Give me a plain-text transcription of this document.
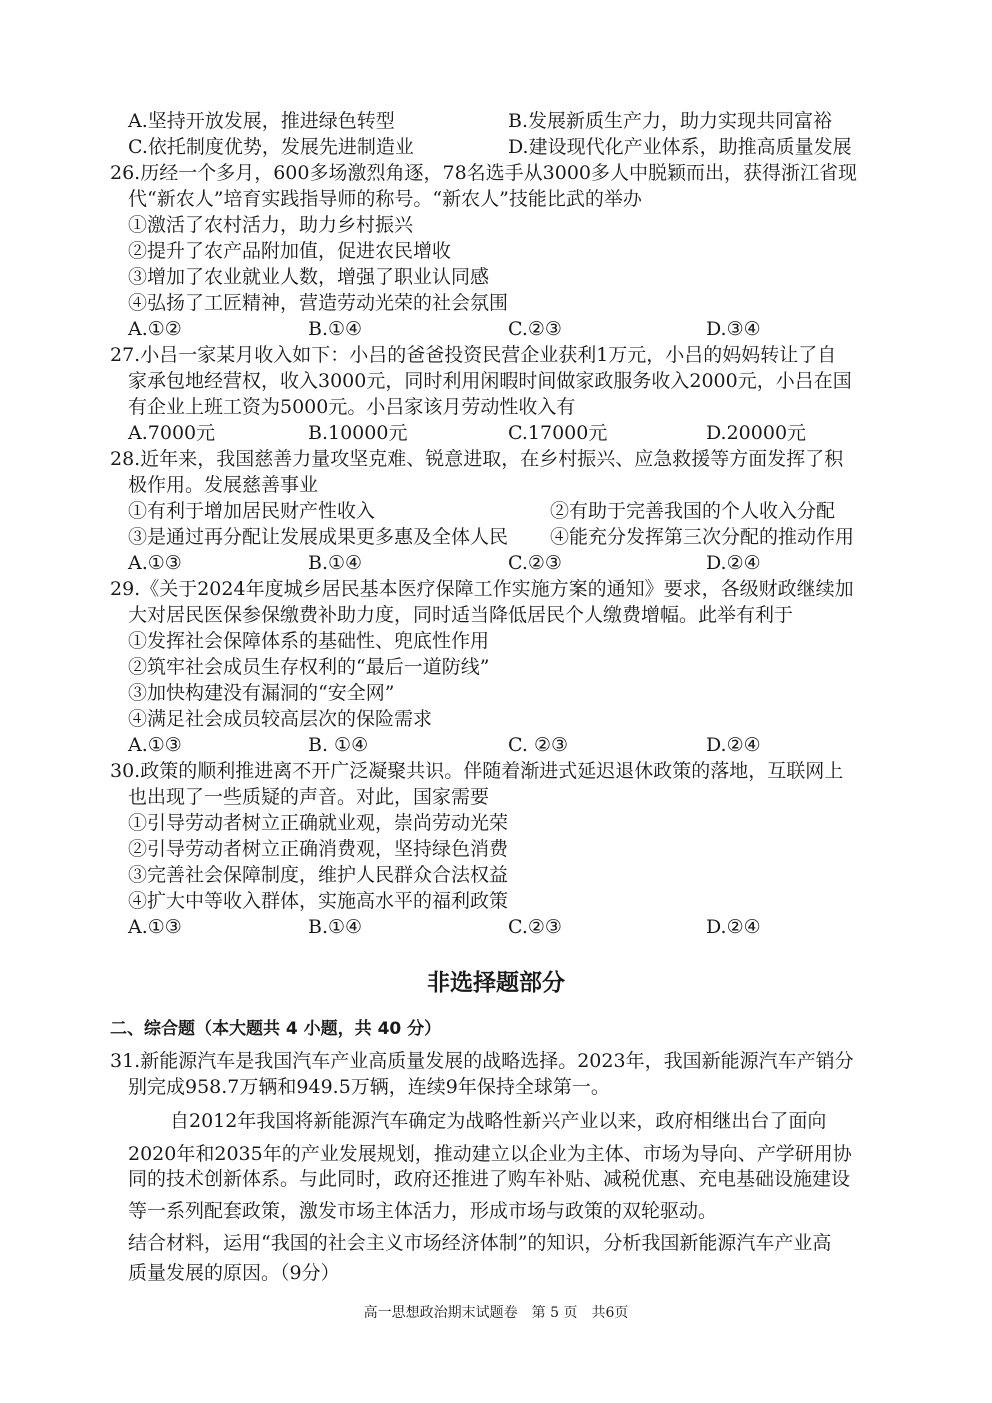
A.坚持开放发展，推进绿色转型	B.发展新质生产力，助力实现共同富裕
C.依托制度优势，发展先进制造业	D.建设现代化产业体系，助推高质量发展
26.历经一个多月，600多场激烈角逐，78名选手从3000多人中脱颖而出，获得浙江省现
代“新农人”培育实践指导师的称号。“新农人”技能比武的举办
①激活了农村活力，助力乡村振兴
②提升了农产品附加值，促进农民增收
③增加了农业就业人数，增强了职业认同感
④弘扬了工匠精神，营造劳动光荣的社会氛围
A.①②	B.①④	C.②③	D.③④
27.小吕一家某月收入如下：小吕的爸爸投资民营企业获利1万元，小吕的妈妈转让了自
家承包地经营权，收入3000元，同时利用闲暇时间做家政服务收入2000元，小吕在国
有企业上班工资为5000元。小吕家该月劳动性收入有
A.7000元	B.10000元	C.17000元	D.20000元
28.近年来，我国慈善力量攻坚克难、锐意进取，在乡村振兴、应急救援等方面发挥了积
极作用。发展慈善事业
①有利于增加居民财产性收入	②有助于完善我国的个人收入分配
③是通过再分配让发展成果更多惠及全体人民 ④能充分发挥第三次分配的推动作用
A.①③	B.①④	C.②③	D.②④
29.《关于2024年度城乡居民基本医疗保障工作实施方案的通知》要求，各级财政继续加
大对居民医保参保缴费补助力度，同时适当降低居民个人缴费增幅。此举有利于
①发挥社会保障体系的基础性、兜底性作用
②筑牢社会成员生存权利的“最后一道防线”
③加快构建没有漏洞的“安全网”
④满足社会成员较高层次的保险需求
A.①③	B. ①④	C. ②③	D.②④
30.政策的顺利推进离不开广泛凝聚共识。伴随着渐进式延迟退休政策的落地，互联网上
也出现了一些质疑的声音。对此，国家需要
①引导劳动者树立正确就业观，崇尚劳动光荣
②引导劳动者树立正确消费观，坚持绿色消费
③完善社会保障制度，维护人民群众合法权益
④扩大中等收入群体，实施高水平的福利政策
A.①③	B.①④	C.②③	D.②④
非选择题部分
二、综合题（本大题共 4 小题，共 40 分）
31.新能源汽车是我国汽车产业高质量发展的战略选择。2023年，我国新能源汽车产销分
别完成958.7万辆和949.5万辆，连续9年保持全球第一。
自2012年我国将新能源汽车确定为战略性新兴产业以来，政府相继出台了面向
2020年和2035年的产业发展规划，推动建立以企业为主体、市场为导向、产学研用协
同的技术创新体系。与此同时，政府还推进了购车补贴、减税优惠、充电基础设施建设
等一系列配套政策，激发市场主体活力，形成市场与政策的双轮驱动。
结合材料，运用“我国的社会主义市场经济体制”的知识，分析我国新能源汽车产业高
质量发展的原因。（9分）
高一思想政治期末试题卷　第 5 页　共6页
